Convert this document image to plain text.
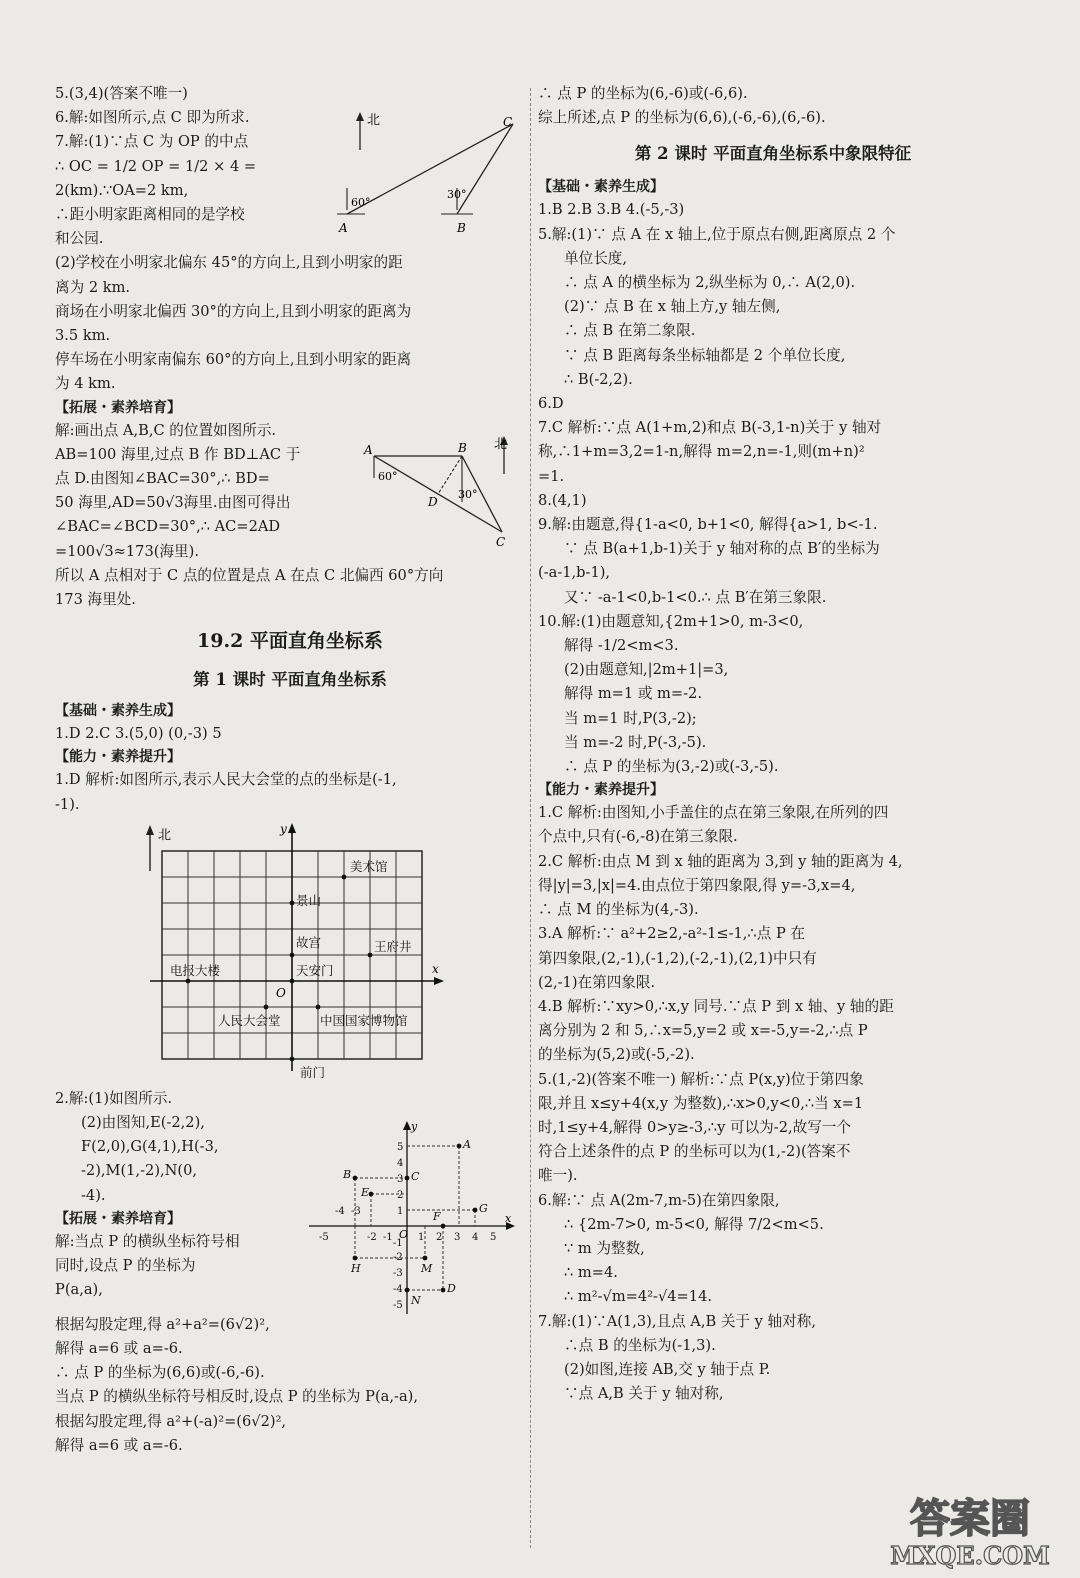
5.(3,4)(答案不唯一)
6.解:如图所示,点 C 即为所求.
7.解:(1)∵点 C 为 OP 的中点
∴ OC = 1/2 OP = 1/2 × 4 =
2(km).∵OA=2 km,
∴距小明家距离相同的是学校
和公园.
(2)学校在小明家北偏东 45°的方向上,且到小明家的距
离为 2 km.
商场在小明家北偏西 30°的方向上,且到小明家的距离为
3.5 km.
停车场在小明家南偏东 60°的方向上,且到小明家的距离
为 4 km.
【拓展・素养培育】
解:画出点 A,B,C 的位置如图所示.
AB=100 海里,过点 B 作 BD⊥AC 于
点 D.由图知∠BAC=30°,∴ BD=
50 海里,AD=50√3海里.由图可得出
∠BAC=∠BCD=30°,∴ AC=2AD
=100√3≈173(海里).
所以 A 点相对于 C 点的位置是点 A 在点 C 北偏西 60°方向
173 海里处.
19.2 平面直角坐标系
第 1 课时 平面直角坐标系
【基础・素养生成】
1.D 2.C 3.(5,0) (0,-3) 5
【能力・素养提升】
1.D 解析:如图所示,表示人民大会堂的点的坐标是(-1,
-1).
北	y
x
O
美术馆
景山
故宫	王府井
电报大楼	天安门
人民大会堂	中国国家博物馆
前门
2.解:(1)如图所示.
(2)由图知,E(-2,2),
F(2,0),G(4,1),H(-3,
-2),M(1,-2),N(0,
-4).
【拓展・素养培育】
解:当点 P 的横纵坐标符号相
同时,设点 P 的坐标为
P(a,a),
根据勾股定理,得 a²+a²=(6√2)²,
解得 a=6 或 a=-6.
∴ 点 P 的坐标为(6,6)或(-6,-6).
当点 P 的横纵坐标符号相反时,设点 P 的坐标为 P(a,-a),
根据勾股定理,得 a²+(-a)²=(6√2)²,
解得 a=6 或 a=-6.
北
60°
30°
A	B
C
北
60°
30°
A	B
D
C
x
y
O
-5
-4 -3
-2 -1	1 2 3 4 5
5
4
3
2
1
-1
-2
-3
-4
-5
A
B
E
C
F
G
H	M
N
D
∴ 点 P 的坐标为(6,-6)或(-6,6).
综上所述,点 P 的坐标为(6,6),(-6,-6),(6,-6).
第 2 课时 平面直角坐标系中象限特征
【基础・素养生成】
1.B 2.B 3.B 4.(-5,-3)
5.解:(1)∵ 点 A 在 x 轴上,位于原点右侧,距离原点 2 个
单位长度,
∴ 点 A 的横坐标为 2,纵坐标为 0,∴ A(2,0).
(2)∵ 点 B 在 x 轴上方,y 轴左侧,
∴ 点 B 在第二象限.
∵ 点 B 距离每条坐标轴都是 2 个单位长度,
∴ B(-2,2).
6.D
7.C 解析:∵点 A(1+m,2)和点 B(-3,1-n)关于 y 轴对
称,∴1+m=3,2=1-n,解得 m=2,n=-1,则(m+n)²
=1.
8.(4,1)
9.解:由题意,得{1-a<0, b+1<0, 解得{a>1, b<-1.
∵ 点 B(a+1,b-1)关于 y 轴对称的点 B′的坐标为
(-a-1,b-1),
又∵ -a-1<0,b-1<0.∴ 点 B′在第三象限.
10.解:(1)由题意知,{2m+1>0, m-3<0,
解得 -1/2<m<3.
(2)由题意知,|2m+1|=3,
解得 m=1 或 m=-2.
当 m=1 时,P(3,-2);
当 m=-2 时,P(-3,-5).
∴ 点 P 的坐标为(3,-2)或(-3,-5).
【能力・素养提升】
1.C 解析:由图知,小手盖住的点在第三象限,在所列的四
个点中,只有(-6,-8)在第三象限.
2.C 解析:由点 M 到 x 轴的距离为 3,到 y 轴的距离为 4,
得|y|=3,|x|=4.由点位于第四象限,得 y=-3,x=4,
∴ 点 M 的坐标为(4,-3).
3.A 解析:∵ a²+2≥2,-a²-1≤-1,∴点 P 在
第四象限,(2,-1),(-1,2),(-2,-1),(2,1)中只有
(2,-1)在第四象限.
4.B 解析:∵xy>0,∴x,y 同号.∵点 P 到 x 轴、y 轴的距
离分别为 2 和 5,∴x=5,y=2 或 x=-5,y=-2,∴点 P
的坐标为(5,2)或(-5,-2).
5.(1,-2)(答案不唯一) 解析:∵点 P(x,y)位于第四象
限,并且 x≤y+4(x,y 为整数),∴x>0,y<0,∴当 x=1
时,1≤y+4,解得 0>y≥-3,∴y 可以为-2,故写一个
符合上述条件的点 P 的坐标可以为(1,-2)(答案不
唯一).
6.解:∵ 点 A(2m-7,m-5)在第四象限,
∴ {2m-7>0, m-5<0, 解得 7/2<m<5.
∵ m 为整数,
∴ m=4.
∴ m²-√m=4²-√4=14.
7.解:(1)∵A(1,3),且点 A,B 关于 y 轴对称,
∴点 B 的坐标为(-1,3).
(2)如图,连接 AB,交 y 轴于点 P.
∵点 A,B 关于 y 轴对称,
答案圈
MXQE.COM
